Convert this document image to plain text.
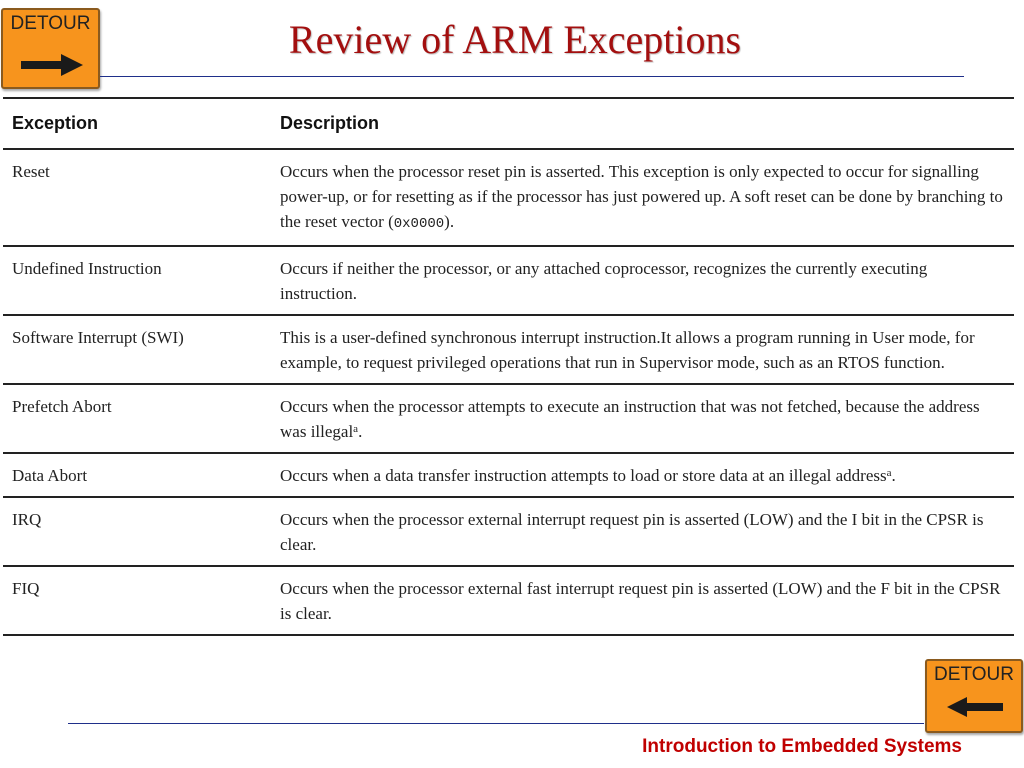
DETOUR	Review of ARM Exceptions
Exception	Description
Reset	Occurs when the processor reset pin is asserted. This exception is only expected to occur for signalling power-up, or for resetting as if the processor has just powered up. A soft reset can be done by branching to the reset vector (0x0000).
Undefined Instruction	Occurs if neither the processor, or any attached coprocessor, recognizes the currently executing instruction.
Software Interrupt (SWI)	This is a user-defined synchronous interrupt instruction.It allows a program running in User mode, for example, to request privileged operations that run in Supervisor mode, such as an RTOS function.
Prefetch Abort	Occurs when the processor attempts to execute an instruction that was not fetched, because the address was illegal$^a$.
Data Abort	Occurs when a data transfer instruction attempts to load or store data at an illegal address$^a$.
IRQ	Occurs when the processor external interrupt request pin is asserted (LOW) and the I bit in the CPSR is clear.
FIQ	Occurs when the processor external fast interrupt request pin is asserted (LOW) and the F bit in the CPSR is clear.
DETOUR
Introduction to Embedded Systems
